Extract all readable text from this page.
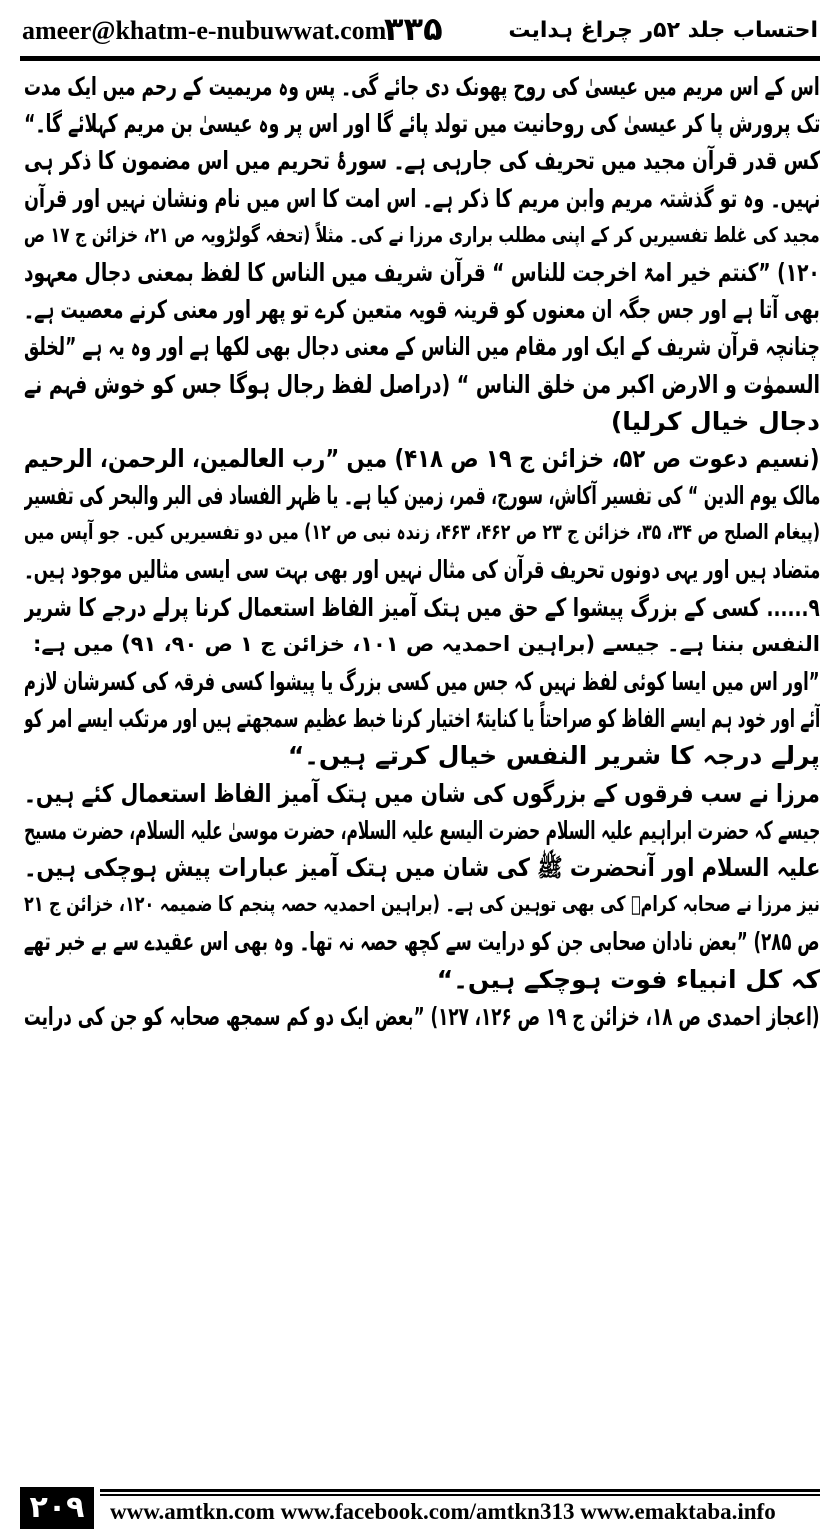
ameer@khatm-e-nubuwwat.com
۳۳۵	احتساب جلد ۵۲ر چراغ ہدایت
اس کے اس مریم میں عیسیٰ کی روح پھونک دی جائے گی۔ پس وہ مریمیت کے رحم میں ایک مدت
تک پرورش پا کر عیسیٰ کی روحانیت میں تولد پائے گا اور اس پر وہ عیسیٰ بن مریم کہلائے گا۔“
کس قدر قرآن مجید میں تحریف کی جارہی ہے۔ سورۂ تحریم میں اس مضمون کا ذکر ہی
نہیں۔ وہ تو گذشتہ مریم وابن مریم کا ذکر ہے۔ اس امت کا اس میں نام ونشان نہیں اور قرآن
مجید کی غلط تفسیریں کر کے اپنی مطلب براری مرزا نے کی۔ مثلاً (تحفہ گولڑویہ ص ۲۱، خزائن ج ۱۷ ص
۱۲۰) ”کنتم خیر امۃ اخرجت للناس “ قرآن شریف میں الناس کا لفظ بمعنی دجال معہود
بھی آتا ہے اور جس جگہ ان معنوں کو قرینہ قویہ متعین کرے تو پھر اور معنی کرنے معصیت ہے۔
چنانچہ قرآن شریف کے ایک اور مقام میں الناس کے معنی دجال بھی لکھا ہے اور وہ یہ ہے ”لخلق
السموٰت و الارض اکبر من خلق الناس “ (دراصل لفظ رجال ہوگا جس کو خوش فہم نے
دجال خیال کرلیا)
(نسیم دعوت ص ۵۲، خزائن ج ۱۹ ص ۴۱۸) میں ”رب العالمین، الرحمن، الرحیم
مالک یوم الدین “ کی تفسیر آکاش، سورج، قمر، زمین کیا ہے۔ یا ظہر الفساد فی البر والبحر کی تفسیر
(پیغام الصلح ص ۳۴، ۳۵، خزائن ج ۲۳ ص ۴۶۲، ۴۶۳، زندہ نبی ص ۱۲) میں دو تفسیریں کیں۔ جو آپس میں
متضاد ہیں اور یہی دونوں تحریف قرآن کی مثال نہیں اور بھی بہت سی ایسی مثالیں موجود ہیں۔
۹...... کسی کے بزرگ پیشوا کے حق میں ہتک آمیز الفاظ استعمال کرنا پرلے درجے کا شریر
النفس بننا ہے۔ جیسے (براہین احمدیہ ص ۱۰۱، خزائن ج ۱ ص ۹۰، ۹۱) میں ہے:
”اور اس میں ایسا کوئی لفظ نہیں کہ جس میں کسی بزرگ یا پیشوا کسی فرقہ کی کسرشان لازم
آئے اور خود ہم ایسے الفاظ کو صراحتاً یا کنایتہً اختیار کرنا خبط عظیم سمجھتے ہیں اور مرتکب ایسے امر کو
پرلے درجہ کا شریر النفس خیال کرتے ہیں۔“
مرزا نے سب فرقوں کے بزرگوں کی شان میں ہتک آمیز الفاظ استعمال کئے ہیں۔
جیسے کہ حضرت ابراہیم علیہ السلام حضرت الیسع علیہ السلام، حضرت موسیٰ علیہ السلام، حضرت مسیح
علیہ السلام اور آنحضرت ﷺ کی شان میں ہتک آمیز عبارات پیش ہوچکی ہیں۔
نیز مرزا نے صحابہ کرامؓ کی بھی توہین کی ہے۔ (براہین احمدیہ حصہ پنجم کا ضمیمہ ۱۲۰، خزائن ج ۲۱
ص ۲۸۵) ”بعض نادان صحابی جن کو درایت سے کچھ حصہ نہ تھا۔ وہ بھی اس عقیدے سے بے خبر تھے
کہ کل انبیاء فوت ہوچکے ہیں۔“
(اعجاز احمدی ص ۱۸، خزائن ج ۱۹ ص ۱۲۶، ۱۲۷) ”بعض ایک دو کم سمجھ صحابہ کو جن کی درایت
۲۰۹	www.amtkn.com www.facebook.com/amtkn313 www.emaktaba.info
